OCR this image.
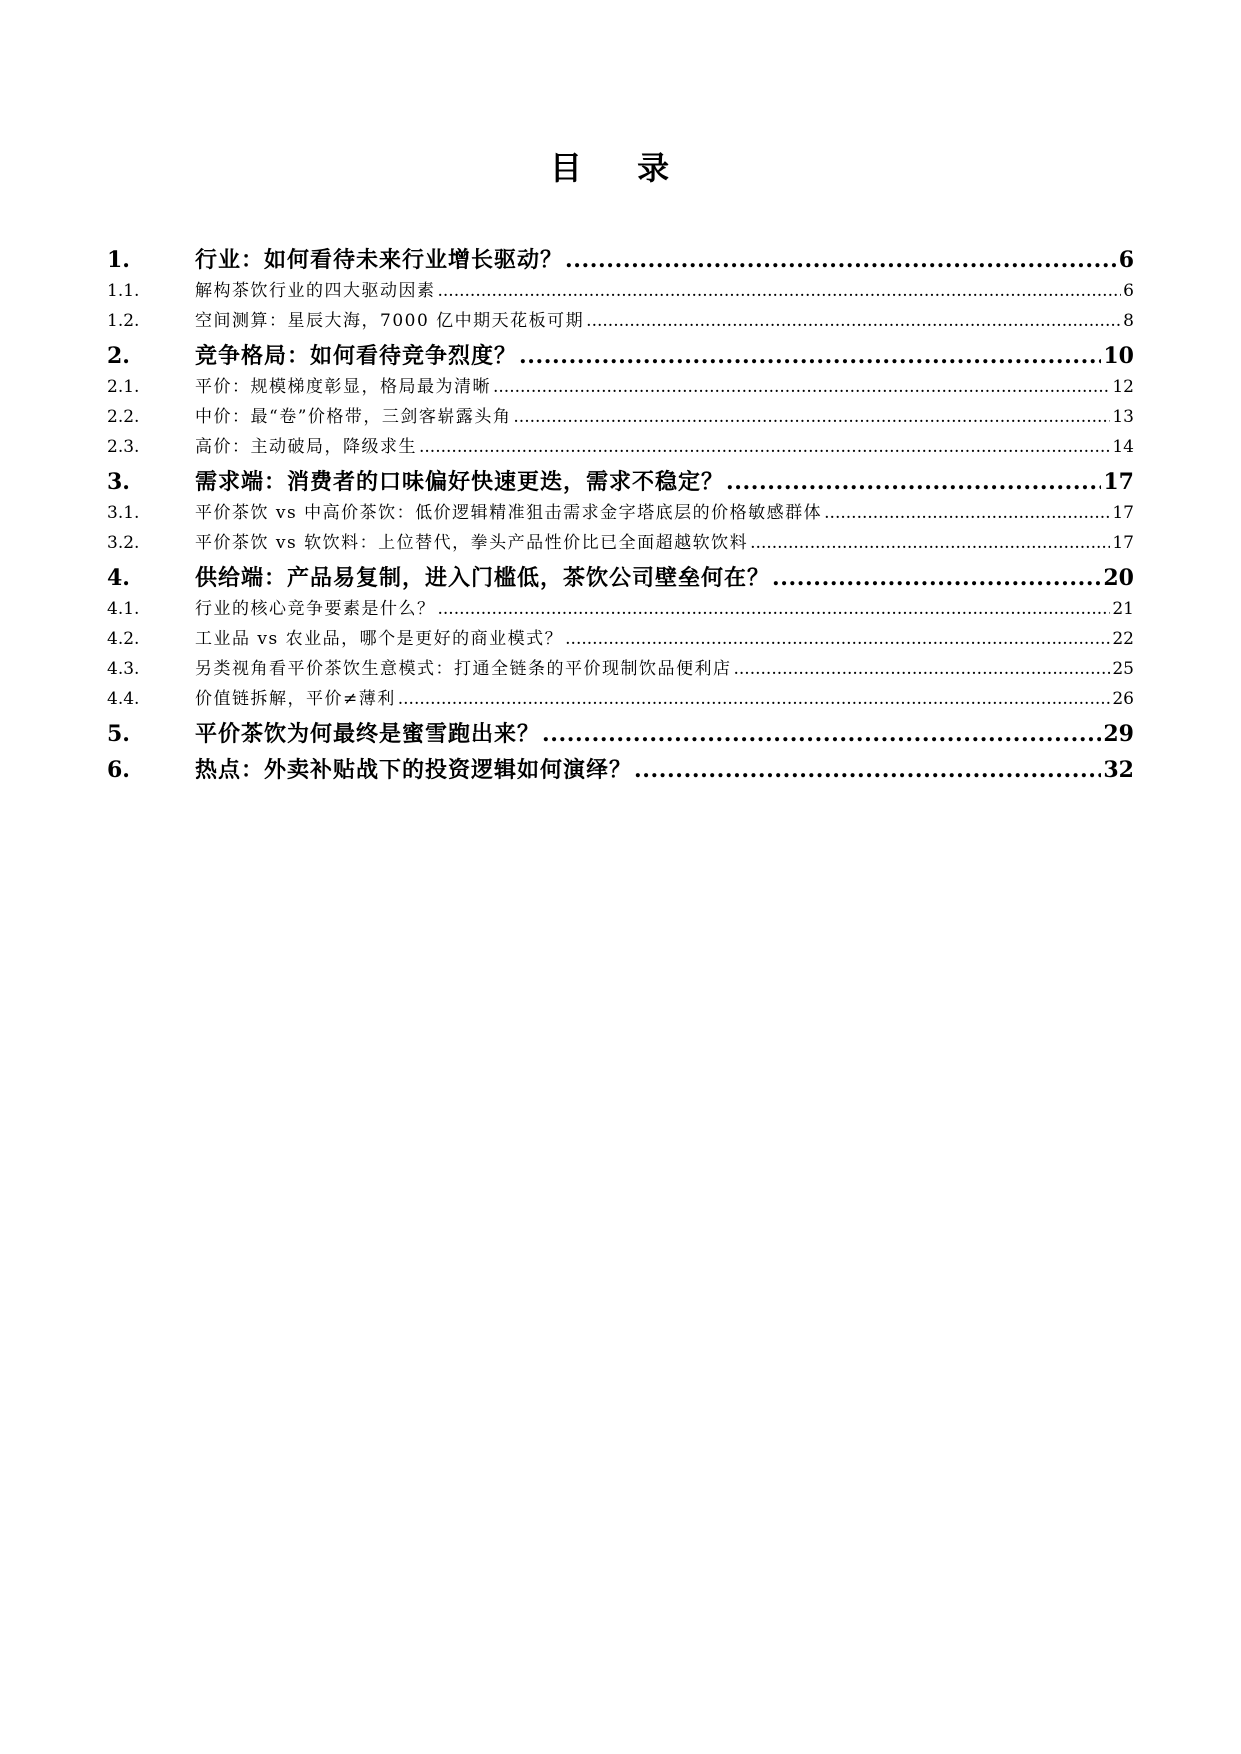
目 录
1.	行业：如何看待未来行业增长驱动？ .....	6
1.1.	解构茶饮行业的四大驱动因素 .....	6
1.2.	空间测算：星辰大海，7000 亿中期天花板可期 .....	8
2.	竞争格局：如何看待竞争烈度？ .....	10
2.1.	平价：规模梯度彰显，格局最为清晰 .....	12
2.2.	中价：最“卷”价格带，三剑客崭露头角 .....	13
2.3.	高价：主动破局，降级求生 .....	14
3.	需求端：消费者的口味偏好快速更迭，需求不稳定？ .....	17
3.1.	平价茶饮 vs 中高价茶饮：低价逻辑精准狙击需求金字塔底层的价格敏感群体 .....	17
3.2.	平价茶饮 vs 软饮料：上位替代，拳头产品性价比已全面超越软饮料 .....	17
4.	供给端：产品易复制，进入门槛低，茶饮公司壁垒何在？ .....	20
4.1.	行业的核心竞争要素是什么？ .....	21
4.2.	工业品 vs 农业品，哪个是更好的商业模式？ .....	22
4.3.	另类视角看平价茶饮生意模式：打通全链条的平价现制饮品便利店 .....	25
4.4.	价值链拆解，平价≠薄利 .....	26
5.	平价茶饮为何最终是蜜雪跑出来？ .....	29
6.	热点：外卖补贴战下的投资逻辑如何演绎？ .....	32
